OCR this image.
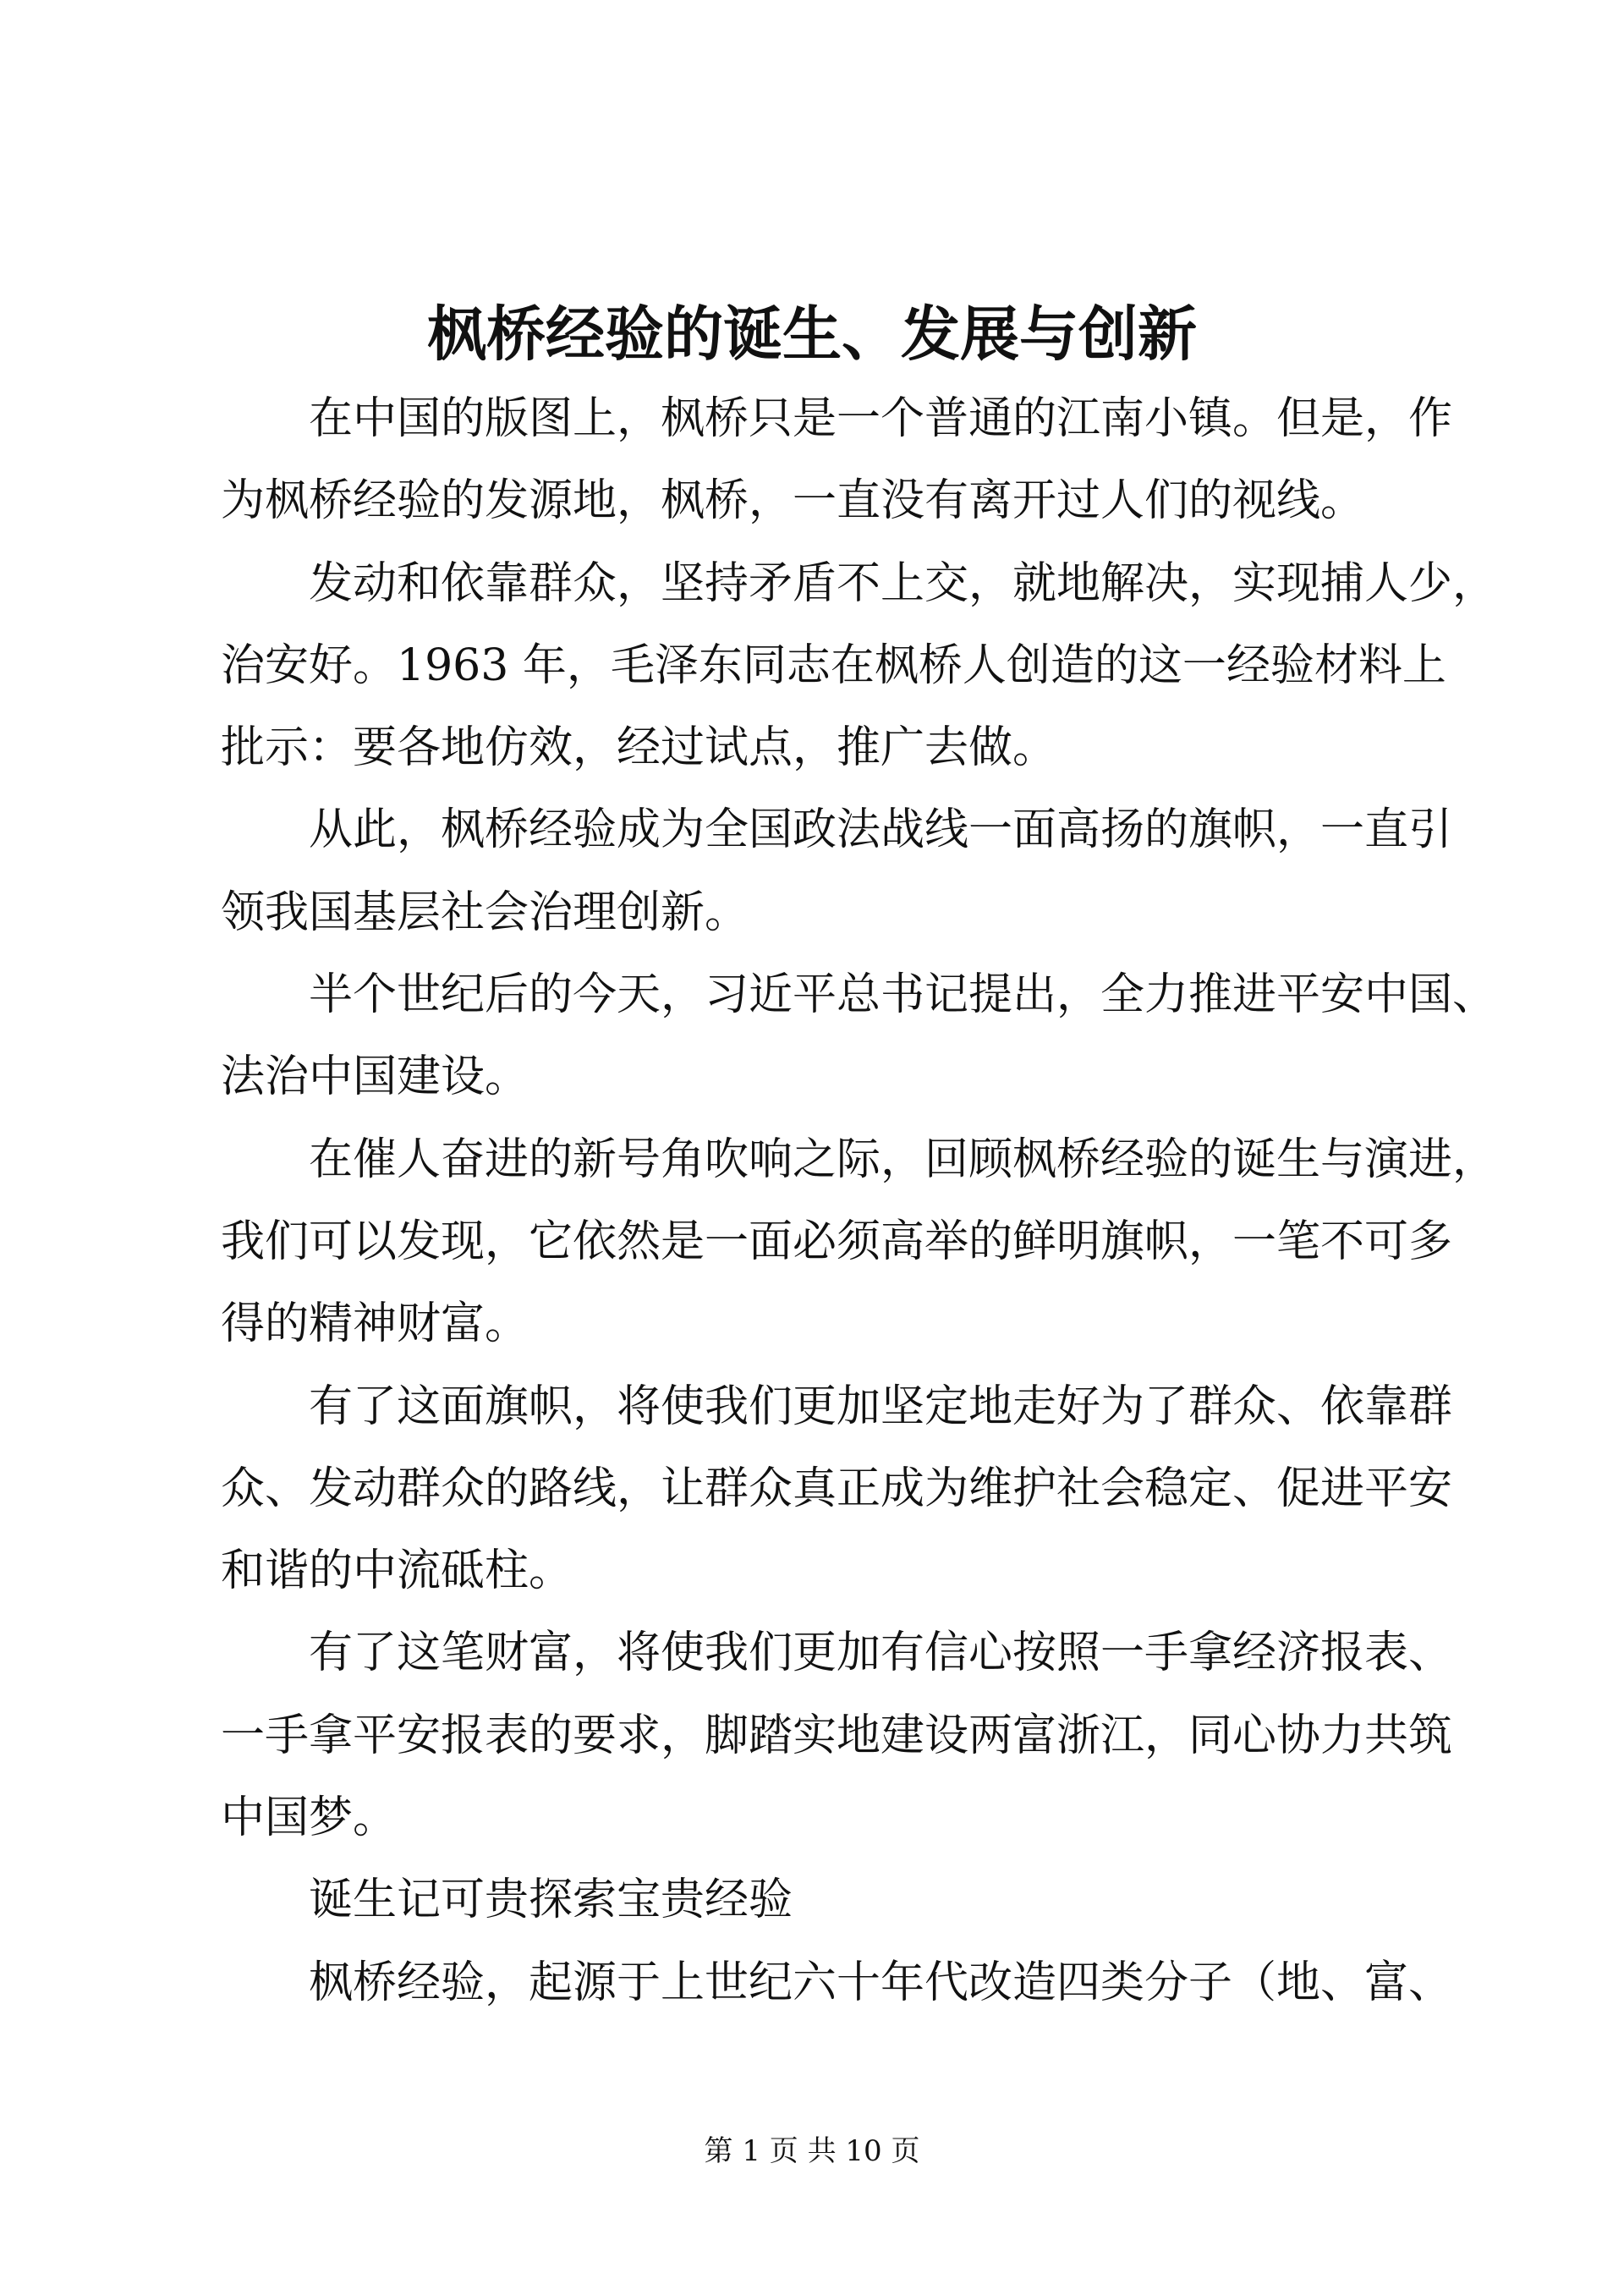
枫桥经验的诞生、发展与创新
在中国的版图上，枫桥只是一个普通的江南小镇。但是，作
为枫桥经验的发源地，枫桥，一直没有离开过人们的视线。
发动和依靠群众，坚持矛盾不上交，就地解决，实现捕人少，
治安好。1963 年，毛泽东同志在枫桥人创造的这一经验材料上
批示：要各地仿效，经过试点，推广去做。
从此，枫桥经验成为全国政法战线一面高扬的旗帜，一直引
领我国基层社会治理创新。
半个世纪后的今天，习近平总书记提出，全力推进平安中国、
法治中国建设。
在催人奋进的新号角吹响之际，回顾枫桥经验的诞生与演进，
我们可以发现，它依然是一面必须高举的鲜明旗帜，一笔不可多
得的精神财富。
有了这面旗帜，将使我们更加坚定地走好为了群众、依靠群
众、发动群众的路线，让群众真正成为维护社会稳定、促进平安
和谐的中流砥柱。
有了这笔财富，将使我们更加有信心按照一手拿经济报表、
一手拿平安报表的要求，脚踏实地建设两富浙江，同心协力共筑
中国梦。
诞生记可贵探索宝贵经验
枫桥经验，起源于上世纪六十年代改造四类分子（地、富、
第 1 页 共 10 页
